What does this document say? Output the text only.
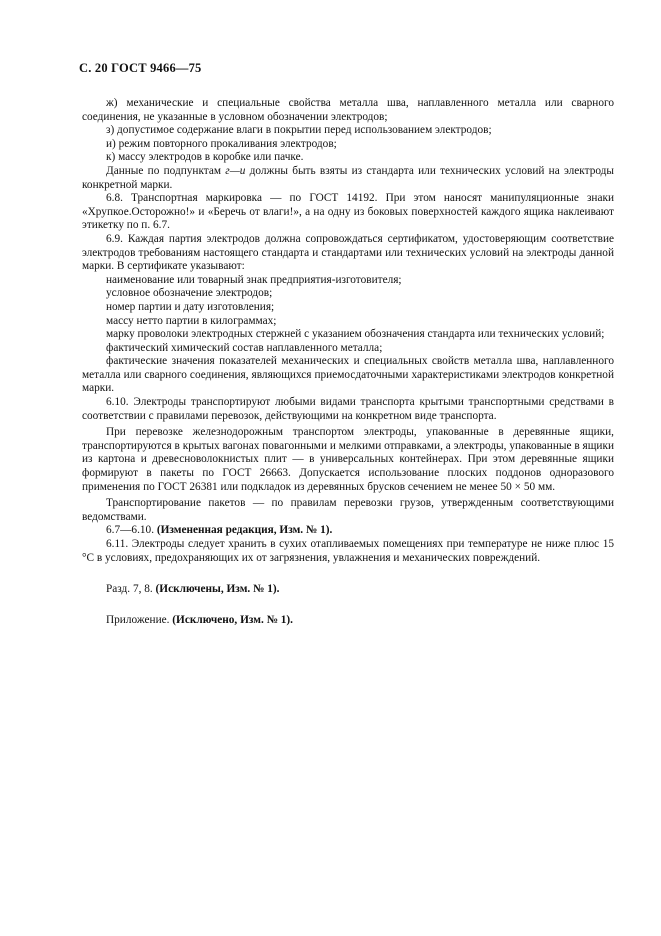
С. 20 ГОСТ 9466—75

ж) механические и специальные свойства металла шва, наплавленного металла или сварного соединения, не указанные в условном обозначении электродов;

з) допустимое содержание влаги в покрытии перед использованием электродов;

и) режим повторного прокаливания электродов;

к) массу электродов в коробке или пачке.

Данные по подпунктам г—и должны быть взяты из стандарта или технических условий на электроды конкретной марки.

6.8. Транспортная маркировка — по ГОСТ 14192. При этом наносят манипуляционные знаки «Хрупкое.Осторожно!» и «Беречь от влаги!», а на одну из боковых поверхностей каждого ящика наклеивают этикетку по п. 6.7.

6.9. Каждая партия электродов должна сопровождаться сертификатом, удостоверяющим соответствие электродов требованиям настоящего стандарта и стандартами или технических условий на электроды данной марки. В сертификате указывают:

наименование или товарный знак предприятия-изготовителя;

условное обозначение электродов;

номер партии и дату изготовления;

массу нетто партии в килограммах;

марку проволоки электродных стержней с указанием обозначения стандарта или технических условий;

фактический химический состав наплавленного металла;

фактические значения показателей механических и специальных свойств металла шва, наплавленного металла или сварного соединения, являющихся приемосдаточными характеристиками электродов конкретной марки.

6.10. Электроды транспортируют любыми видами транспорта крытыми транспортными средствами в соответствии с правилами перевозок, действующими на конкретном виде транспорта.

При перевозке железнодорожным транспортом электроды, упакованные в деревянные ящики, транспортируются в крытых вагонах повагонными и мелкими отправками, а электроды, упакованные в ящики из картона и древесноволокнистых плит — в универсальных контейнерах. При этом деревянные ящики формируют в пакеты по ГОСТ 26663. Допускается использование плоских поддонов одноразового применения по ГОСТ 26381 или подкладок из деревянных брусков сечением не менее 50 × 50 мм.

Транспортирование пакетов — по правилам перевозки грузов, утвержденным соответствующими ведомствами.

6.7—6.10. (Измененная редакция, Изм. № 1).

6.11. Электроды следует хранить в сухих отапливаемых помещениях при температуре не ниже плюс 15 °С в условиях, предохраняющих их от загрязнения, увлажнения и механических повреждений.

Разд. 7, 8. (Исключены, Изм. № 1).

Приложение. (Исключено, Изм. № 1).
